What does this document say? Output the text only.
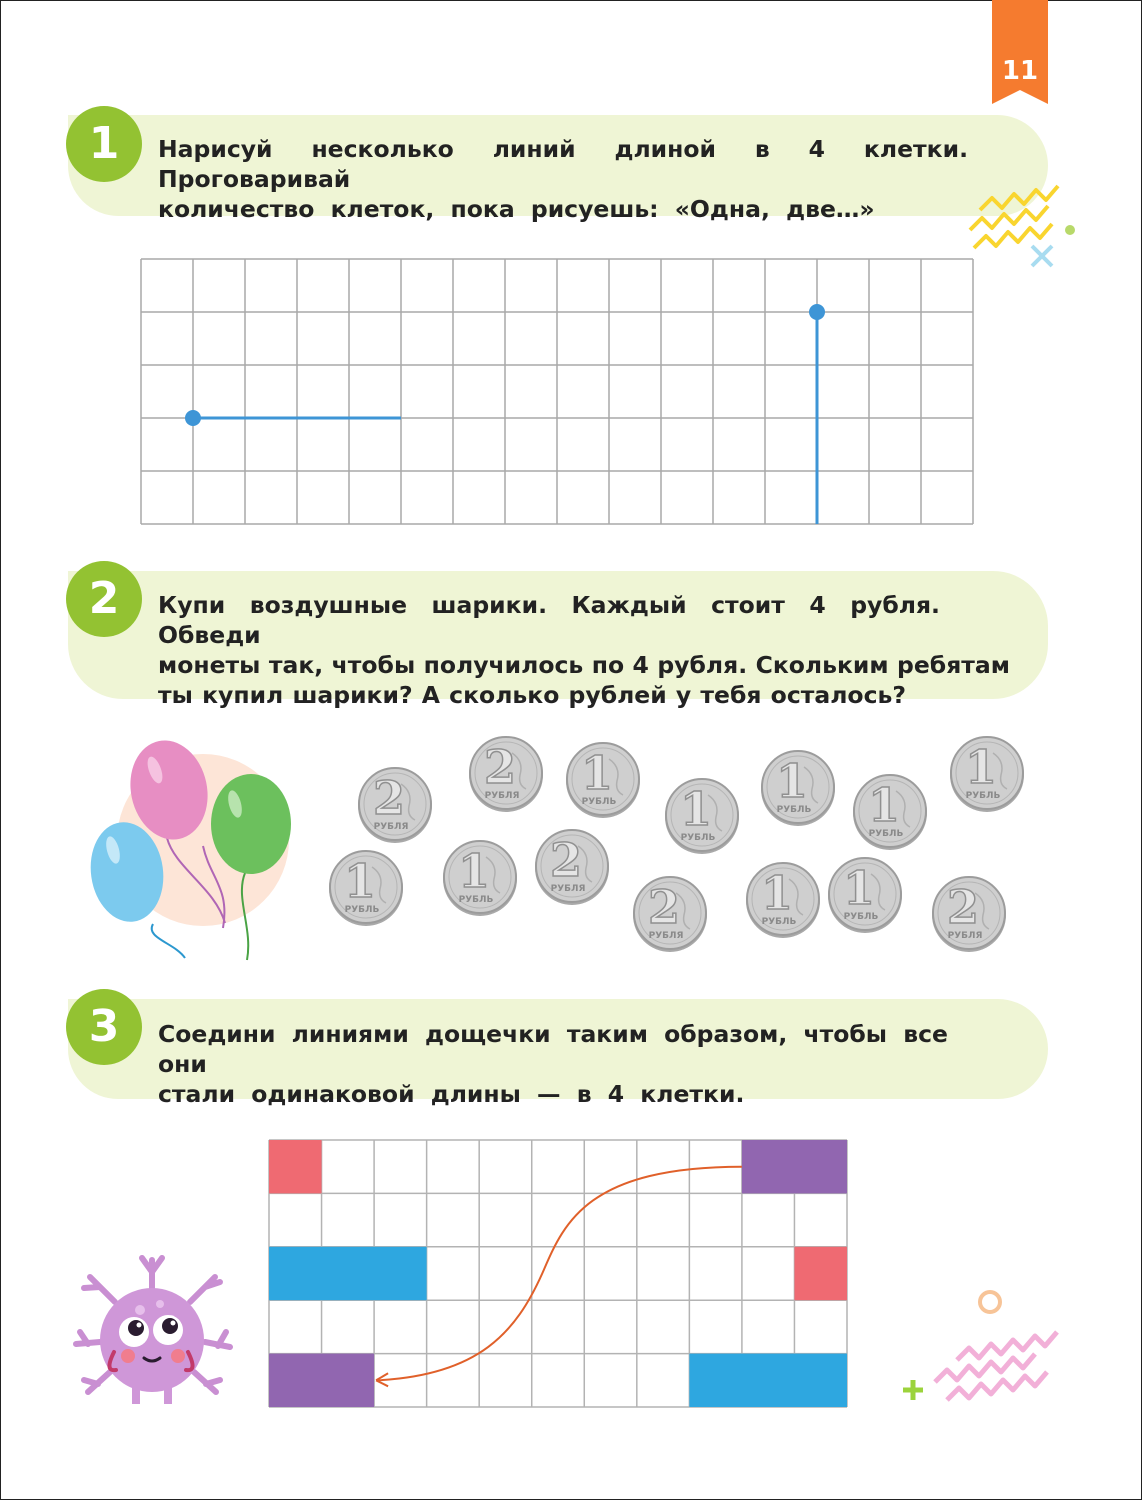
11
1	Нарисуй несколько линий длиной в 4 клетки. Проговаривай
количество клеток, пока рисуешь: «Одна, две…»
2	Купи воздушные шарики. Каждый стоит 4 рубля. Обведи
монеты так, чтобы получилось по 4 рубля. Скольким ребятам
ты купил шарики? А сколько рублей у тебя осталось?
2
РУБЛЯ
2
РУБЛЯ 1
РУБЛЬ 1
РУБЛЬ
1
РУБЛЬ 1
РУБЛЬ
1
РУБЛЬ
1
РУБЛЬ
1
РУБЛЬ
2
РУБЛЯ 2
РУБЛЯ
1
РУБЛЬ
1
РУБЛЬ 2
РУБЛЯ
3	Соедини линиями дощечки таким образом, чтобы все они
стали одинаковой длины — в 4 клетки.
